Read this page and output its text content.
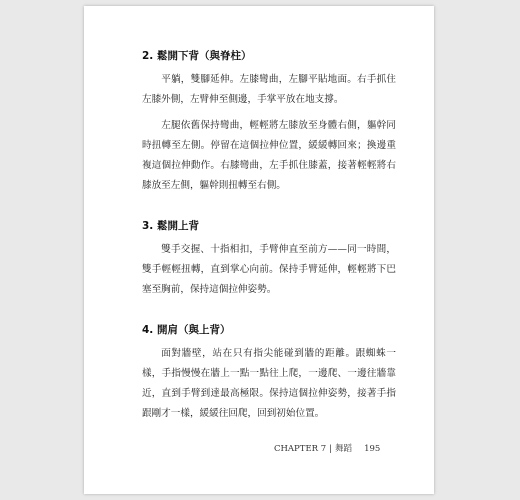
2. 鬆開下背（與脊柱）

平躺，雙腳延伸。左膝彎曲，左腳平貼地面。右手抓住左膝外側，左臂伸至側邊，手掌平放在地支撐。

左腿依舊保持彎曲，輕輕將左膝放至身體右側，軀幹同時扭轉至左側。停留在這個拉伸位置，緩緩轉回來；換邊重複這個拉伸動作。右膝彎曲，左手抓住膝蓋，接著輕輕將右膝放至左側，軀幹則扭轉至右側。

3. 鬆開上背

雙手交握、十指相扣，手臂伸直至前方——同一時間，雙手輕輕扭轉，直到掌心向前。保持手臂延伸，輕輕將下巴塞至胸前，保持這個拉伸姿勢。

4. 開肩（與上背）

面對牆壁，站在只有指尖能碰到牆的距離。跟蜘蛛一樣，手指慢慢在牆上一點一點往上爬，一邊爬、一邊往牆靠近，直到手臂到達最高極限。保持這個拉伸姿勢，接著手指跟剛才一樣，緩緩往回爬，回到初始位置。

CHAPTER 7 | 舞蹈 195
